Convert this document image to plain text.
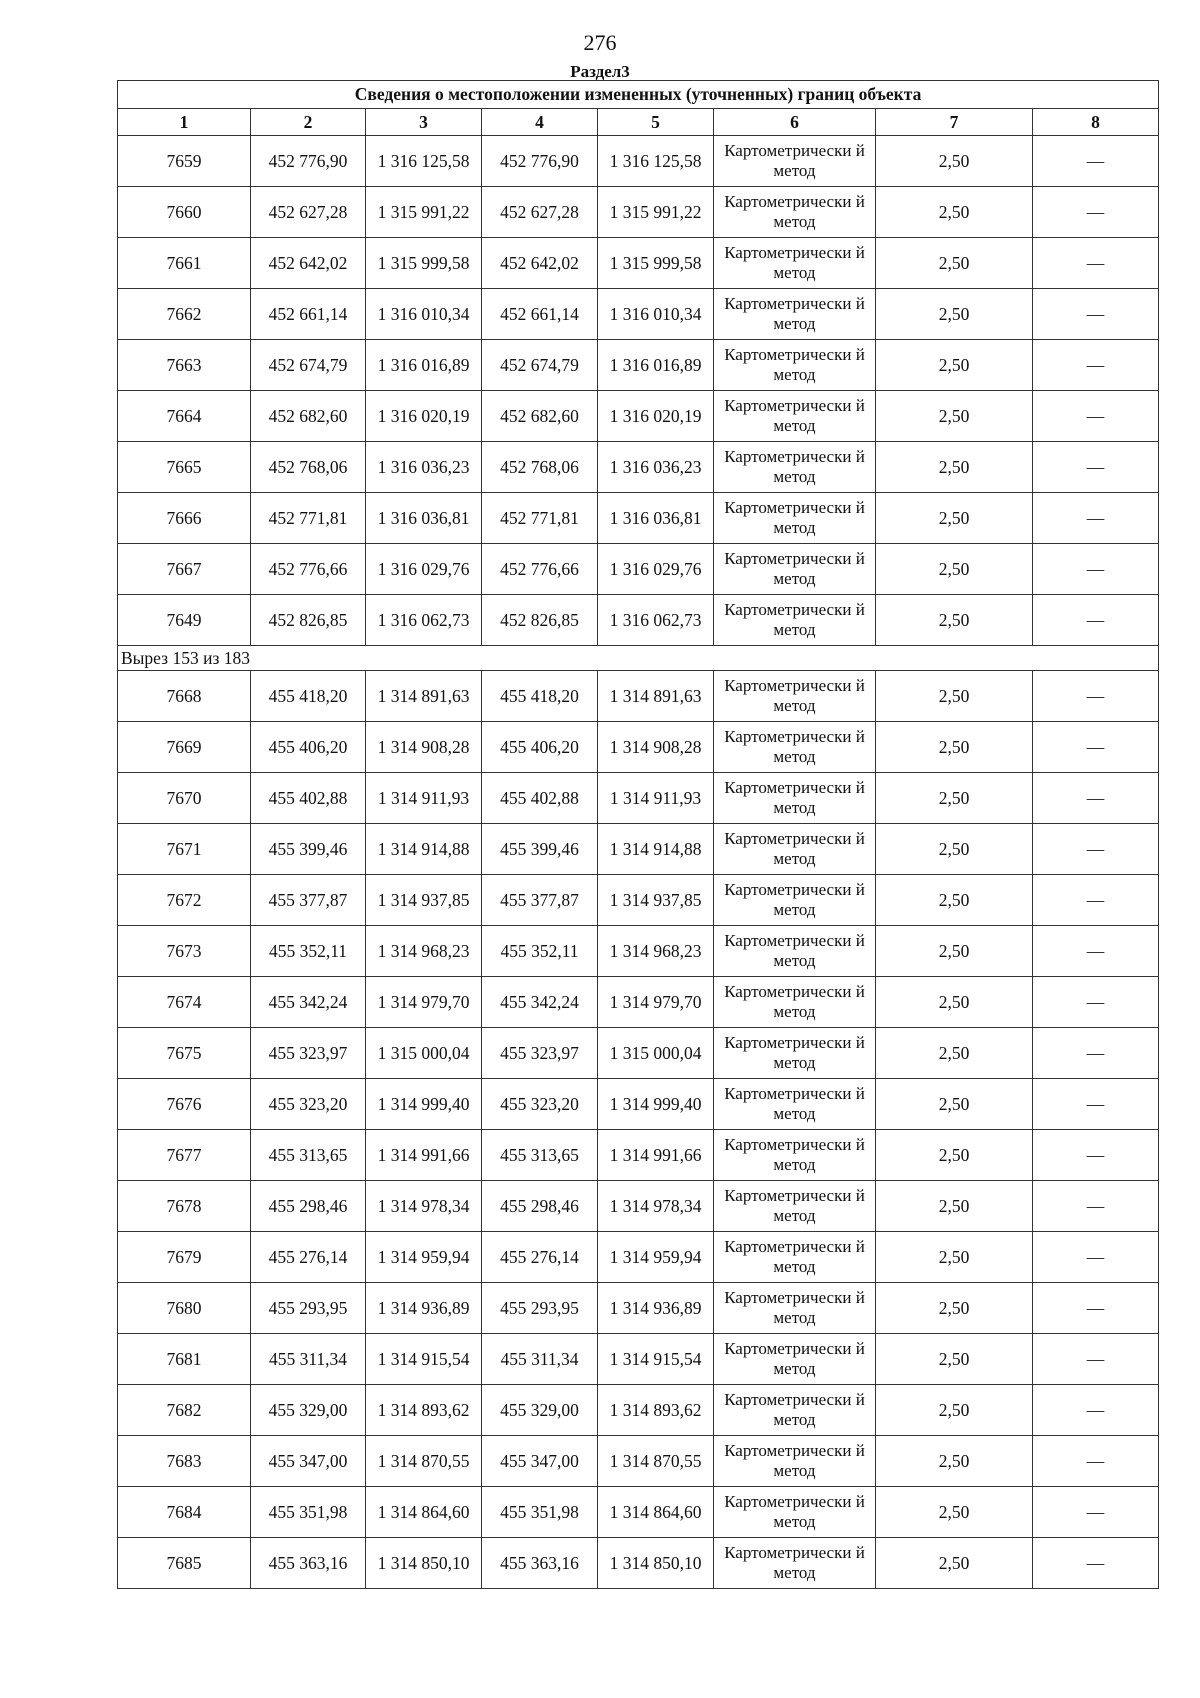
276
Раздел3
Сведения о местоположении измененных (уточненных) границ объекта							
1	2	3	4	5	6	7	8
7659	452 776,90	1 316 125,58	452 776,90	1 316 125,58	Картометрически й метод	2,50	—
7660	452 627,28	1 315 991,22	452 627,28	1 315 991,22	Картометрически й метод	2,50	—
7661	452 642,02	1 315 999,58	452 642,02	1 315 999,58	Картометрически й метод	2,50	—
7662	452 661,14	1 316 010,34	452 661,14	1 316 010,34	Картометрически й метод	2,50	—
7663	452 674,79	1 316 016,89	452 674,79	1 316 016,89	Картометрически й метод	2,50	—
7664	452 682,60	1 316 020,19	452 682,60	1 316 020,19	Картометрически й метод	2,50	—
7665	452 768,06	1 316 036,23	452 768,06	1 316 036,23	Картометрически й метод	2,50	—
7666	452 771,81	1 316 036,81	452 771,81	1 316 036,81	Картометрически й метод	2,50	—
7667	452 776,66	1 316 029,76	452 776,66	1 316 029,76	Картометрически й метод	2,50	—
7649	452 826,85	1 316 062,73	452 826,85	1 316 062,73	Картометрически й метод	2,50	—
Вырез 153 из 183							
7668	455 418,20	1 314 891,63	455 418,20	1 314 891,63	Картометрически й метод	2,50	—
7669	455 406,20	1 314 908,28	455 406,20	1 314 908,28	Картометрически й метод	2,50	—
7670	455 402,88	1 314 911,93	455 402,88	1 314 911,93	Картометрически й метод	2,50	—
7671	455 399,46	1 314 914,88	455 399,46	1 314 914,88	Картометрически й метод	2,50	—
7672	455 377,87	1 314 937,85	455 377,87	1 314 937,85	Картометрически й метод	2,50	—
7673	455 352,11	1 314 968,23	455 352,11	1 314 968,23	Картометрически й метод	2,50	—
7674	455 342,24	1 314 979,70	455 342,24	1 314 979,70	Картометрически й метод	2,50	—
7675	455 323,97	1 315 000,04	455 323,97	1 315 000,04	Картометрически й метод	2,50	—
7676	455 323,20	1 314 999,40	455 323,20	1 314 999,40	Картометрически й метод	2,50	—
7677	455 313,65	1 314 991,66	455 313,65	1 314 991,66	Картометрически й метод	2,50	—
7678	455 298,46	1 314 978,34	455 298,46	1 314 978,34	Картометрически й метод	2,50	—
7679	455 276,14	1 314 959,94	455 276,14	1 314 959,94	Картометрически й метод	2,50	—
7680	455 293,95	1 314 936,89	455 293,95	1 314 936,89	Картометрически й метод	2,50	—
7681	455 311,34	1 314 915,54	455 311,34	1 314 915,54	Картометрически й метод	2,50	—
7682	455 329,00	1 314 893,62	455 329,00	1 314 893,62	Картометрически й метод	2,50	—
7683	455 347,00	1 314 870,55	455 347,00	1 314 870,55	Картометрически й метод	2,50	—
7684	455 351,98	1 314 864,60	455 351,98	1 314 864,60	Картометрически й метод	2,50	—
7685	455 363,16	1 314 850,10	455 363,16	1 314 850,10	Картометрически й метод	2,50	—
